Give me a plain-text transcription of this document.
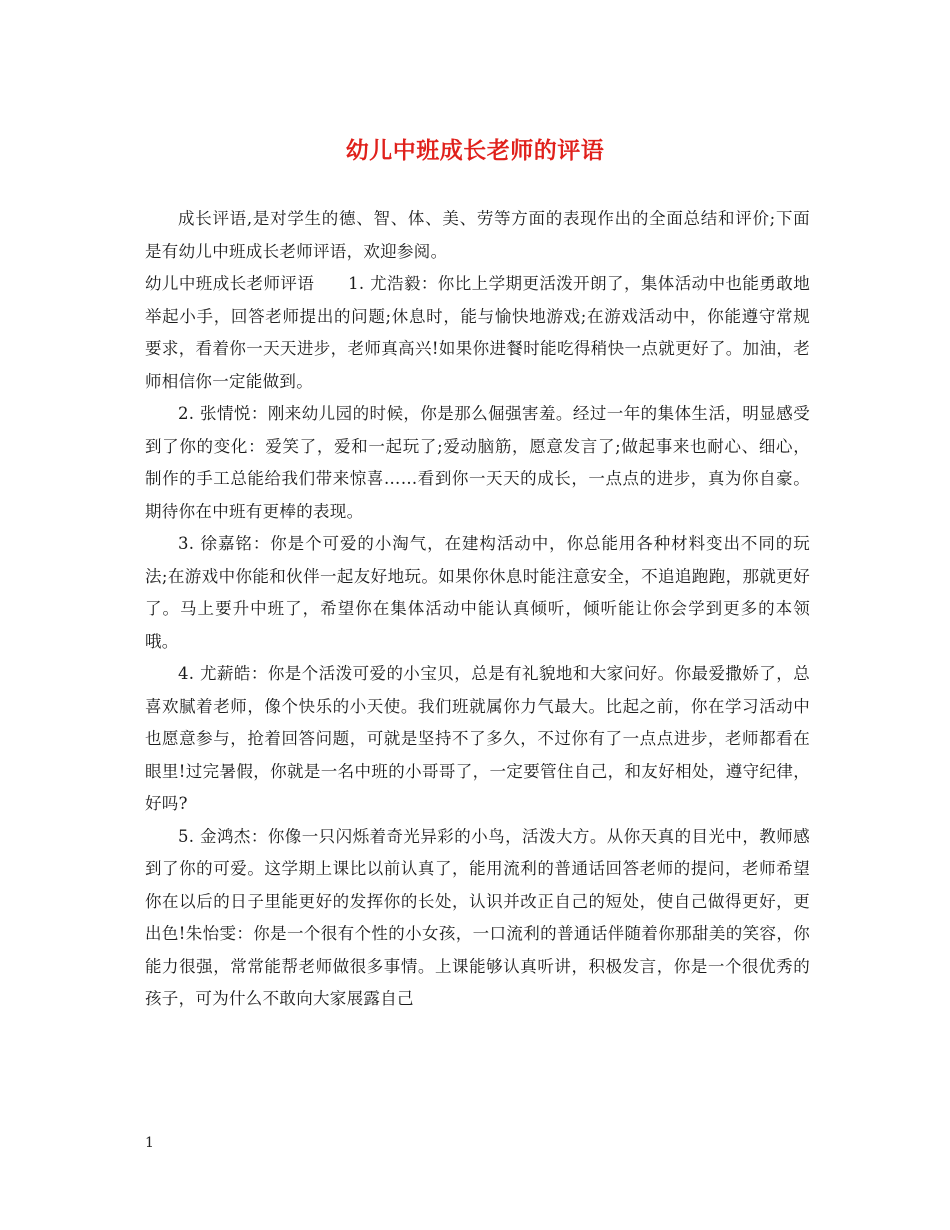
幼儿中班成长老师的评语

成长评语,是对学生的德、智、体、美、劳等方面的表现作出的全面总结和评价;下面是有幼儿中班成长老师评语，欢迎参阅。

幼儿中班成长老师评语　　1. 尤浩毅：你比上学期更活泼开朗了，集体活动中也能勇敢地举起小手，回答老师提出的问题;休息时，能与愉快地游戏;在游戏活动中，你能遵守常规要求，看着你一天天进步，老师真高兴!如果你进餐时能吃得稍快一点就更好了。加油，老师相信你一定能做到。

2. 张情悦：刚来幼儿园的时候，你是那么倔强害羞。经过一年的集体生活，明显感受到了你的变化：爱笑了，爱和一起玩了;爱动脑筋，愿意发言了;做起事来也耐心、细心，制作的手工总能给我们带来惊喜……看到你一天天的成长，一点点的进步，真为你自豪。期待你在中班有更棒的表现。

3. 徐嘉铭：你是个可爱的小淘气，在建构活动中，你总能用各种材料变出不同的玩法;在游戏中你能和伙伴一起友好地玩。如果你休息时能注意安全，不追追跑跑，那就更好了。马上要升中班了，希望你在集体活动中能认真倾听，倾听能让你会学到更多的本领哦。

4. 尤薪皓：你是个活泼可爱的小宝贝，总是有礼貌地和大家问好。你最爱撒娇了，总喜欢腻着老师，像个快乐的小天使。我们班就属你力气最大。比起之前，你在学习活动中也愿意参与，抢着回答问题，可就是坚持不了多久，不过你有了一点点进步，老师都看在眼里!过完暑假，你就是一名中班的小哥哥了，一定要管住自己，和友好相处，遵守纪律，好吗?

5. 金鸿杰：你像一只闪烁着奇光异彩的小鸟，活泼大方。从你天真的目光中，教师感到了你的可爱。这学期上课比以前认真了，能用流利的普通话回答老师的提问，老师希望你在以后的日子里能更好的发挥你的长处，认识并改正自己的短处，使自己做得更好，更出色!朱怡雯：你是一个很有个性的小女孩，一口流利的普通话伴随着你那甜美的笑容，你能力很强，常常能帮老师做很多事情。上课能够认真听讲，积极发言，你是一个很优秀的孩子，可为什么不敢向大家展露自己

1
